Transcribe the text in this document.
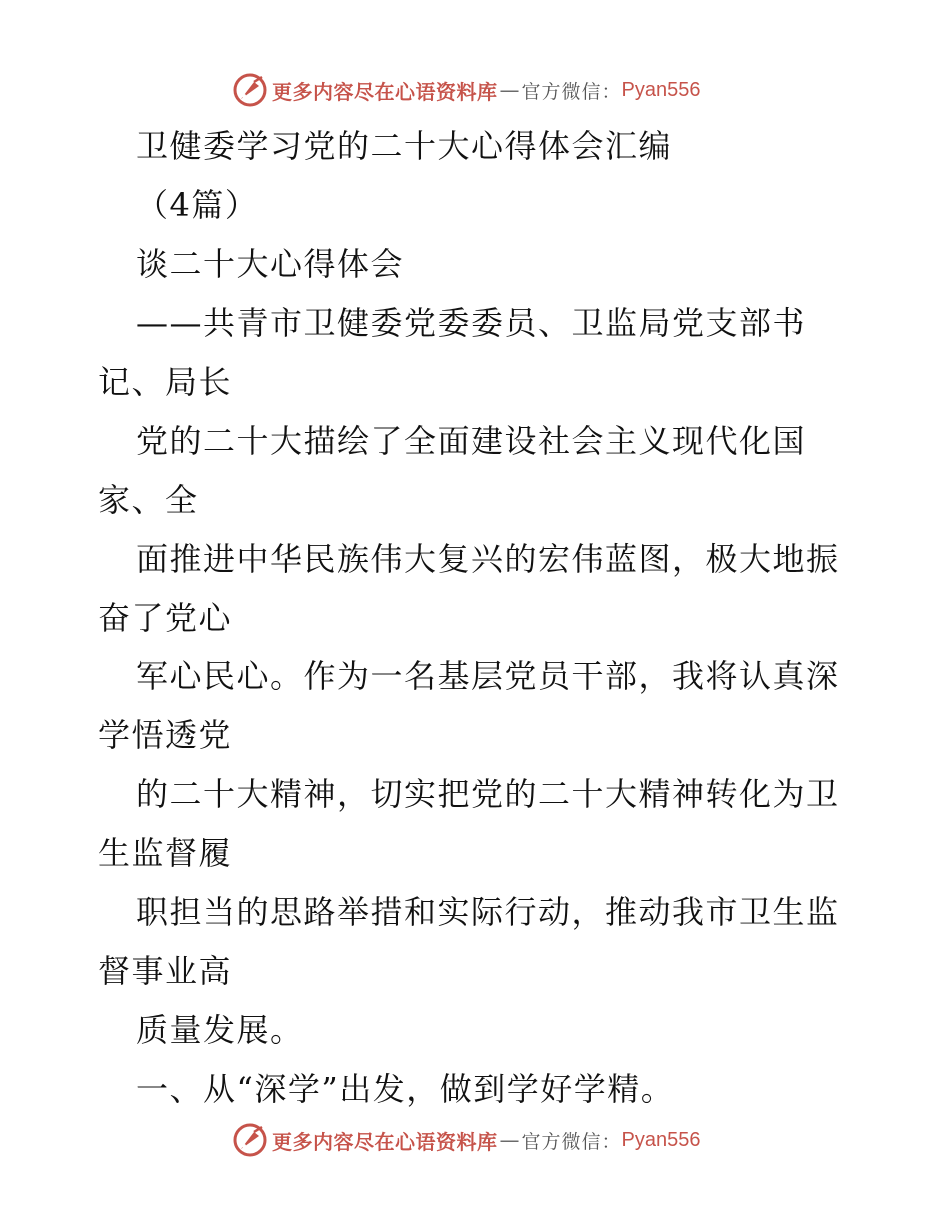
更多内容尽在心语资料库 — 官方微信： Pyan556
卫健委学习党的二十大心得体会汇编
（4篇）
谈二十大心得体会
——共青市卫健委党委委员、卫监局党支部书
记、局长
党的二十大描绘了全面建设社会主义现代化国
家、全
面推进中华民族伟大复兴的宏伟蓝图，极大地振
奋了党心
军心民心。作为一名基层党员干部，我将认真深
学悟透党
的二十大精神，切实把党的二十大精神转化为卫
生监督履
职担当的思路举措和实际行动，推动我市卫生监
督事业高
质量发展。
一、从“深学”出发，做到学好学精。
更多内容尽在心语资料库 — 官方微信： Pyan556
